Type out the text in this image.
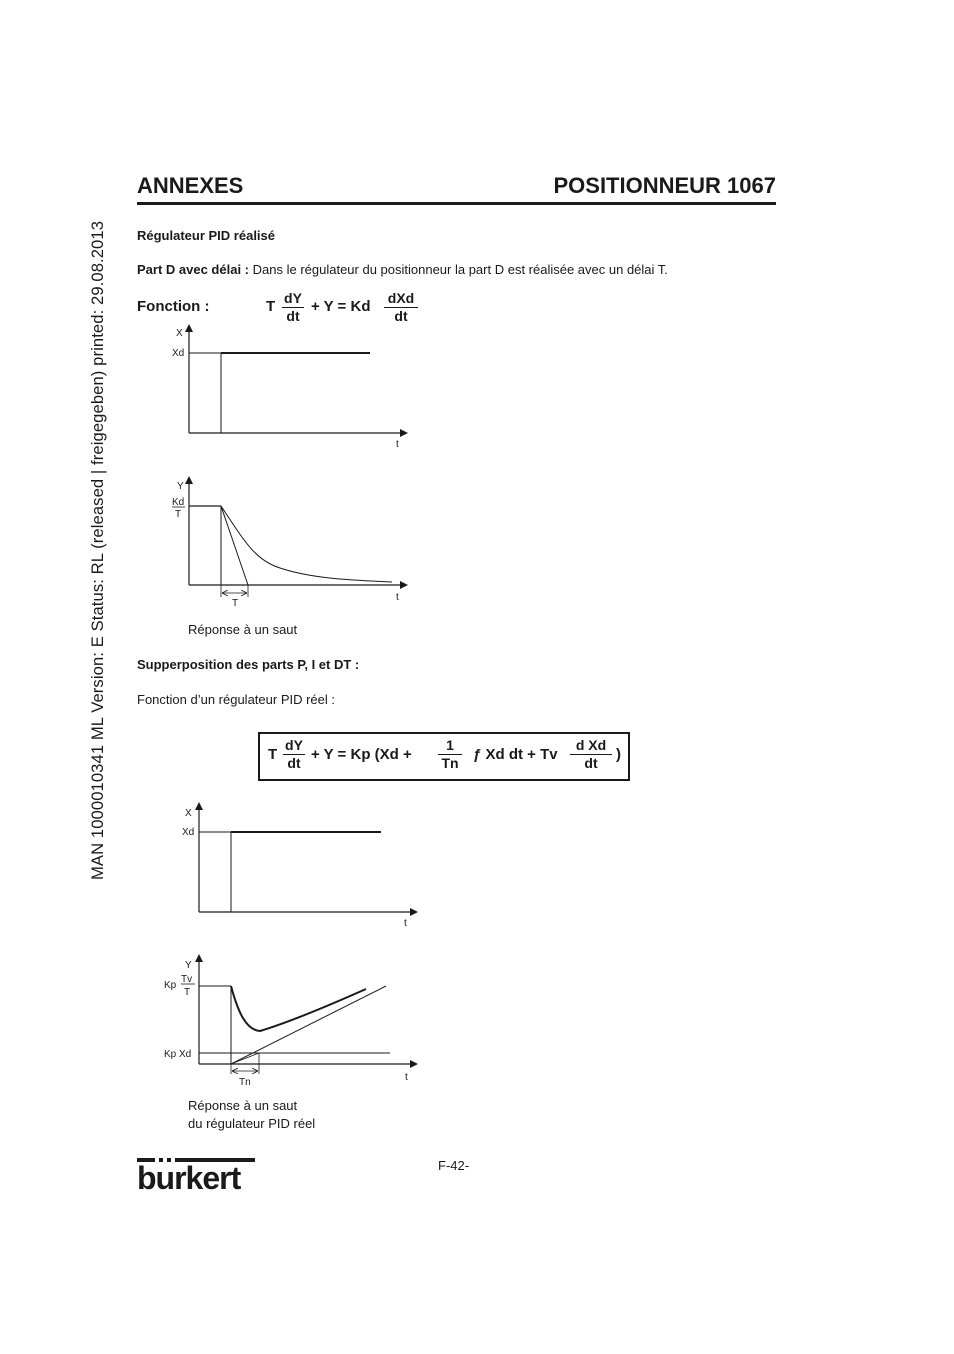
MAN 1000010341 ML Version: E Status: RL (released | freigegeben) printed: 29.08.2013
ANNEXES	POSITIONNEUR 1067
Régulateur PID réalisé
Part D avec délai : Dans le régulateur du positionneur la part D est réalisée avec un délai T.
Fonction :	T $\frac{dY}{dt} + Y = Kd$ dXd
dt
X
Xd
t
Y
Kd
T
T
t
Réponse à un saut
Supperposition des parts P, I et DT :
Fonction d’un régulateur PID réel :
T $\frac{dY}{dt} + Y = Kp$ ($Xd + \frac{1}{Tn}$ ƒ Xd dt + Tv $\frac{\text{d Xd}}{dt}$ )
X
Xd
t
Y
Kp
Tv
T
Kp Xd
Tn	t
Réponse à un saut
du régulateur PID réel
burkert	F-42-
